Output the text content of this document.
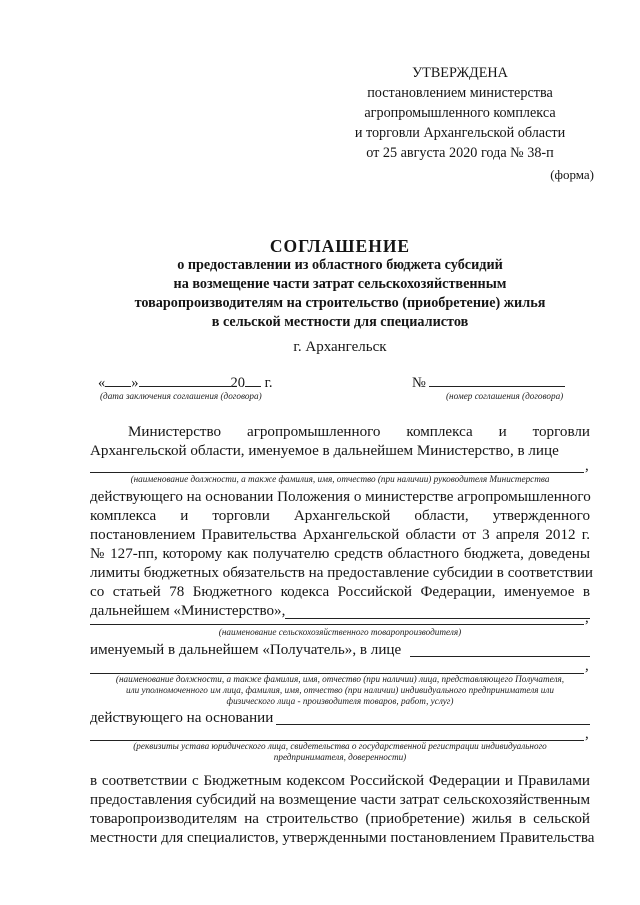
УТВЕРЖДЕНА
постановлением министерства
агропромышленного комплекса
и торговли Архангельской области
от 25 августа 2020 года № 38-п
(форма)
СОГЛАШЕНИЕ
о предоставлении из областного бюджета субсидий
на возмещение части затрат сельскохозяйственным
товаропроизводителям на строительство (приобретение) жилья
в сельской местности для специалистов
г. Архангельск
« »	20 г.
(дата заключения соглашения (договора)
№
(номер соглашения (договора)
Министерство агропромышленного комплекса и торговли
Архангельской области, именуемое в дальнейшем Министерство, в лице
,
(наименование должности, а также фамилия, имя, отчество (при наличии) руководителя Министерства
действующего на основании Положения о министерстве агропромышленного
комплекса и торговли Архангельской области, утвержденного
постановлением Правительства Архангельской области от 3 апреля 2012 г.
№ 127-пп, которому как получателю средств областного бюджета, доведены
лимиты бюджетных обязательств на предоставление субсидии в соответствии
со статьей 78 Бюджетного кодекса Российской Федерации, именуемое в
дальнейшем «Министерство»,	,
(наименование сельскохозяйственного товаропроизводителя)
именуемый в дальнейшем «Получатель», в лице
,
(наименование должности, а также фамилия, имя, отчество (при наличии) лица, представляющего Получателя,
или уполномоченного им лица, фамилия, имя, отчество (при наличии) индивидуального предпринимателя или
физического лица - производителя товаров, работ, услуг)
действующего на основании
,
(реквизиты устава юридического лица, свидетельства о государственной регистрации индивидуального
предпринимателя, доверенности)
в соответствии с Бюджетным кодексом Российской Федерации и Правилами
предоставления субсидий на возмещение части затрат сельскохозяйственным
товаропроизводителям на строительство (приобретение) жилья в сельской
местности для специалистов, утвержденными постановлением Правительства
